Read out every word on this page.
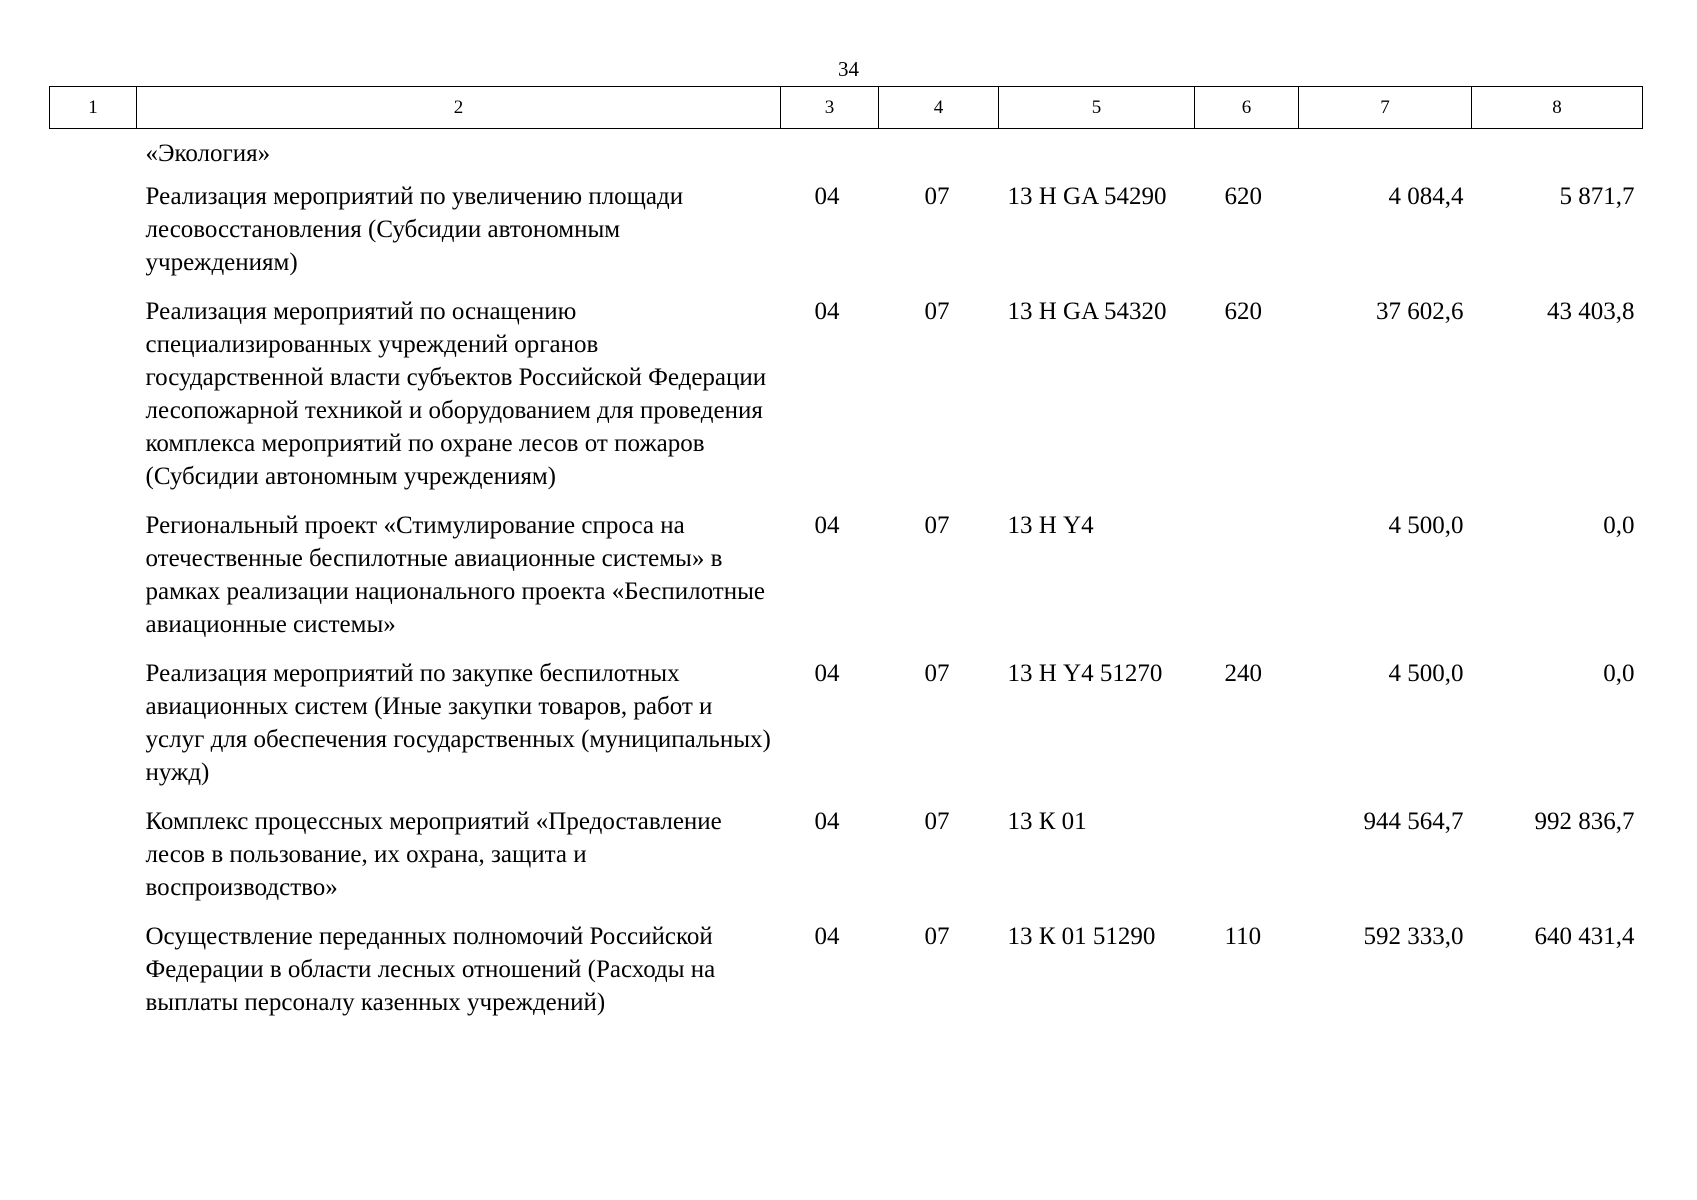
34
1	2	3	4	5	6	7	8
	«Экология»						
	Реализация мероприятий по увеличению площади лесовосстановления (Субсидии автономным учреждениям)	04	07	13 Н GA 54290	620	4 084,4	5 871,7
	Реализация мероприятий по оснащению специализированных учреждений органов государственной власти субъектов Российской Федерации лесопожарной техникой и оборудованием для проведения комплекса мероприятий по охране лесов от пожаров (Субсидии автономным учреждениям)	04	07	13 Н GA 54320	620	37 602,6	43 403,8
	Региональный проект «Стимулирование спроса на отечественные беспилотные авиационные системы» в рамках реализации национального проекта «Беспилотные авиационные системы»	04	07	13 Н Y4		4 500,0	0,0
	Реализация мероприятий по закупке беспилотных авиационных систем (Иные закупки товаров, работ и услуг для обеспечения государственных (муниципальных) нужд)	04	07	13 Н Y4 51270	240	4 500,0	0,0
	Комплекс процессных мероприятий «Предоставление лесов в пользование, их охрана, защита и воспроизводство»	04	07	13 К 01		944 564,7	992 836,7
	Осуществление переданных полномочий Российской Федерации в области лесных отношений (Расходы на выплаты персоналу казенных учреждений)	04	07	13 К 01 51290	110	592 333,0	640 431,4
